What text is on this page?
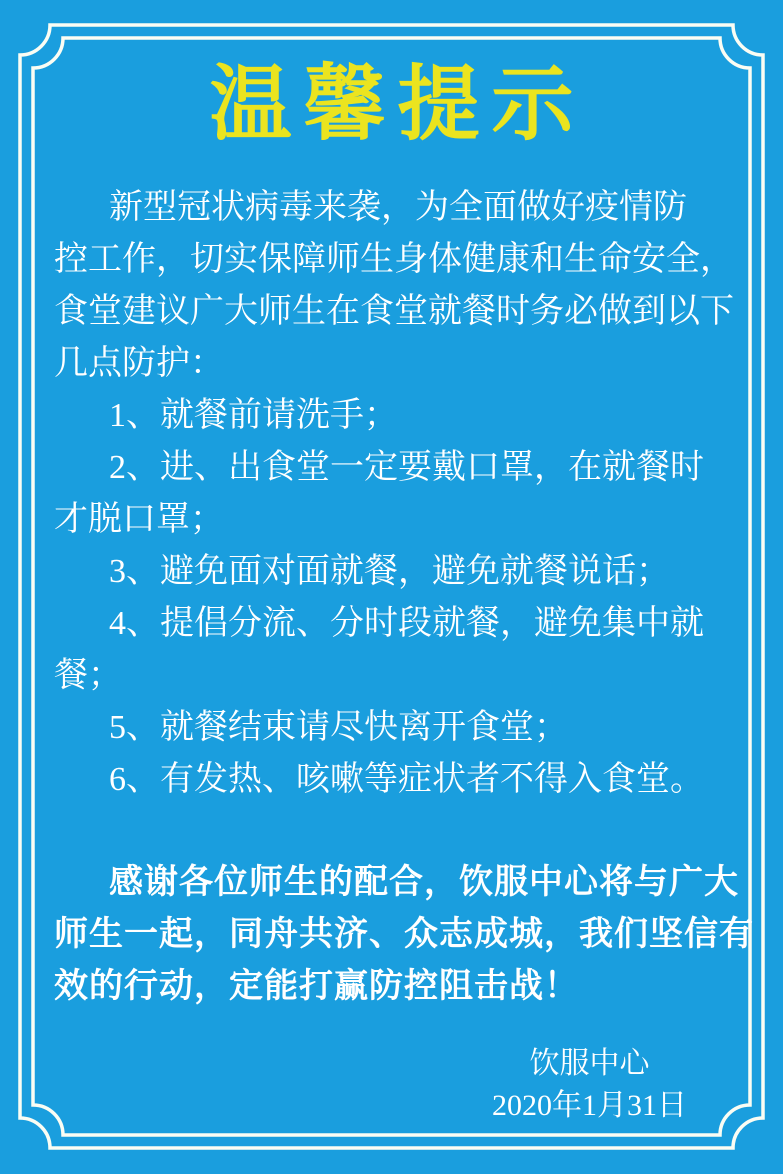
温馨提示
新型冠状病毒来袭，为全面做好疫情防
控工作，切实保障师生身体健康和生命安全，
食堂建议广大师生在食堂就餐时务必做到以下
几点防护：
1、就餐前请洗手；
2、进、出食堂一定要戴口罩，在就餐时
才脱口罩；
3、避免面对面就餐，避免就餐说话；
4、提倡分流、分时段就餐，避免集中就
餐；
5、就餐结束请尽快离开食堂；
6、有发热、咳嗽等症状者不得入食堂。
感谢各位师生的配合，饮服中心将与广大
师生一起，同舟共济、众志成城，我们坚信有
效的行动，定能打赢防控阻击战！
饮服中心
2020年1月31日
